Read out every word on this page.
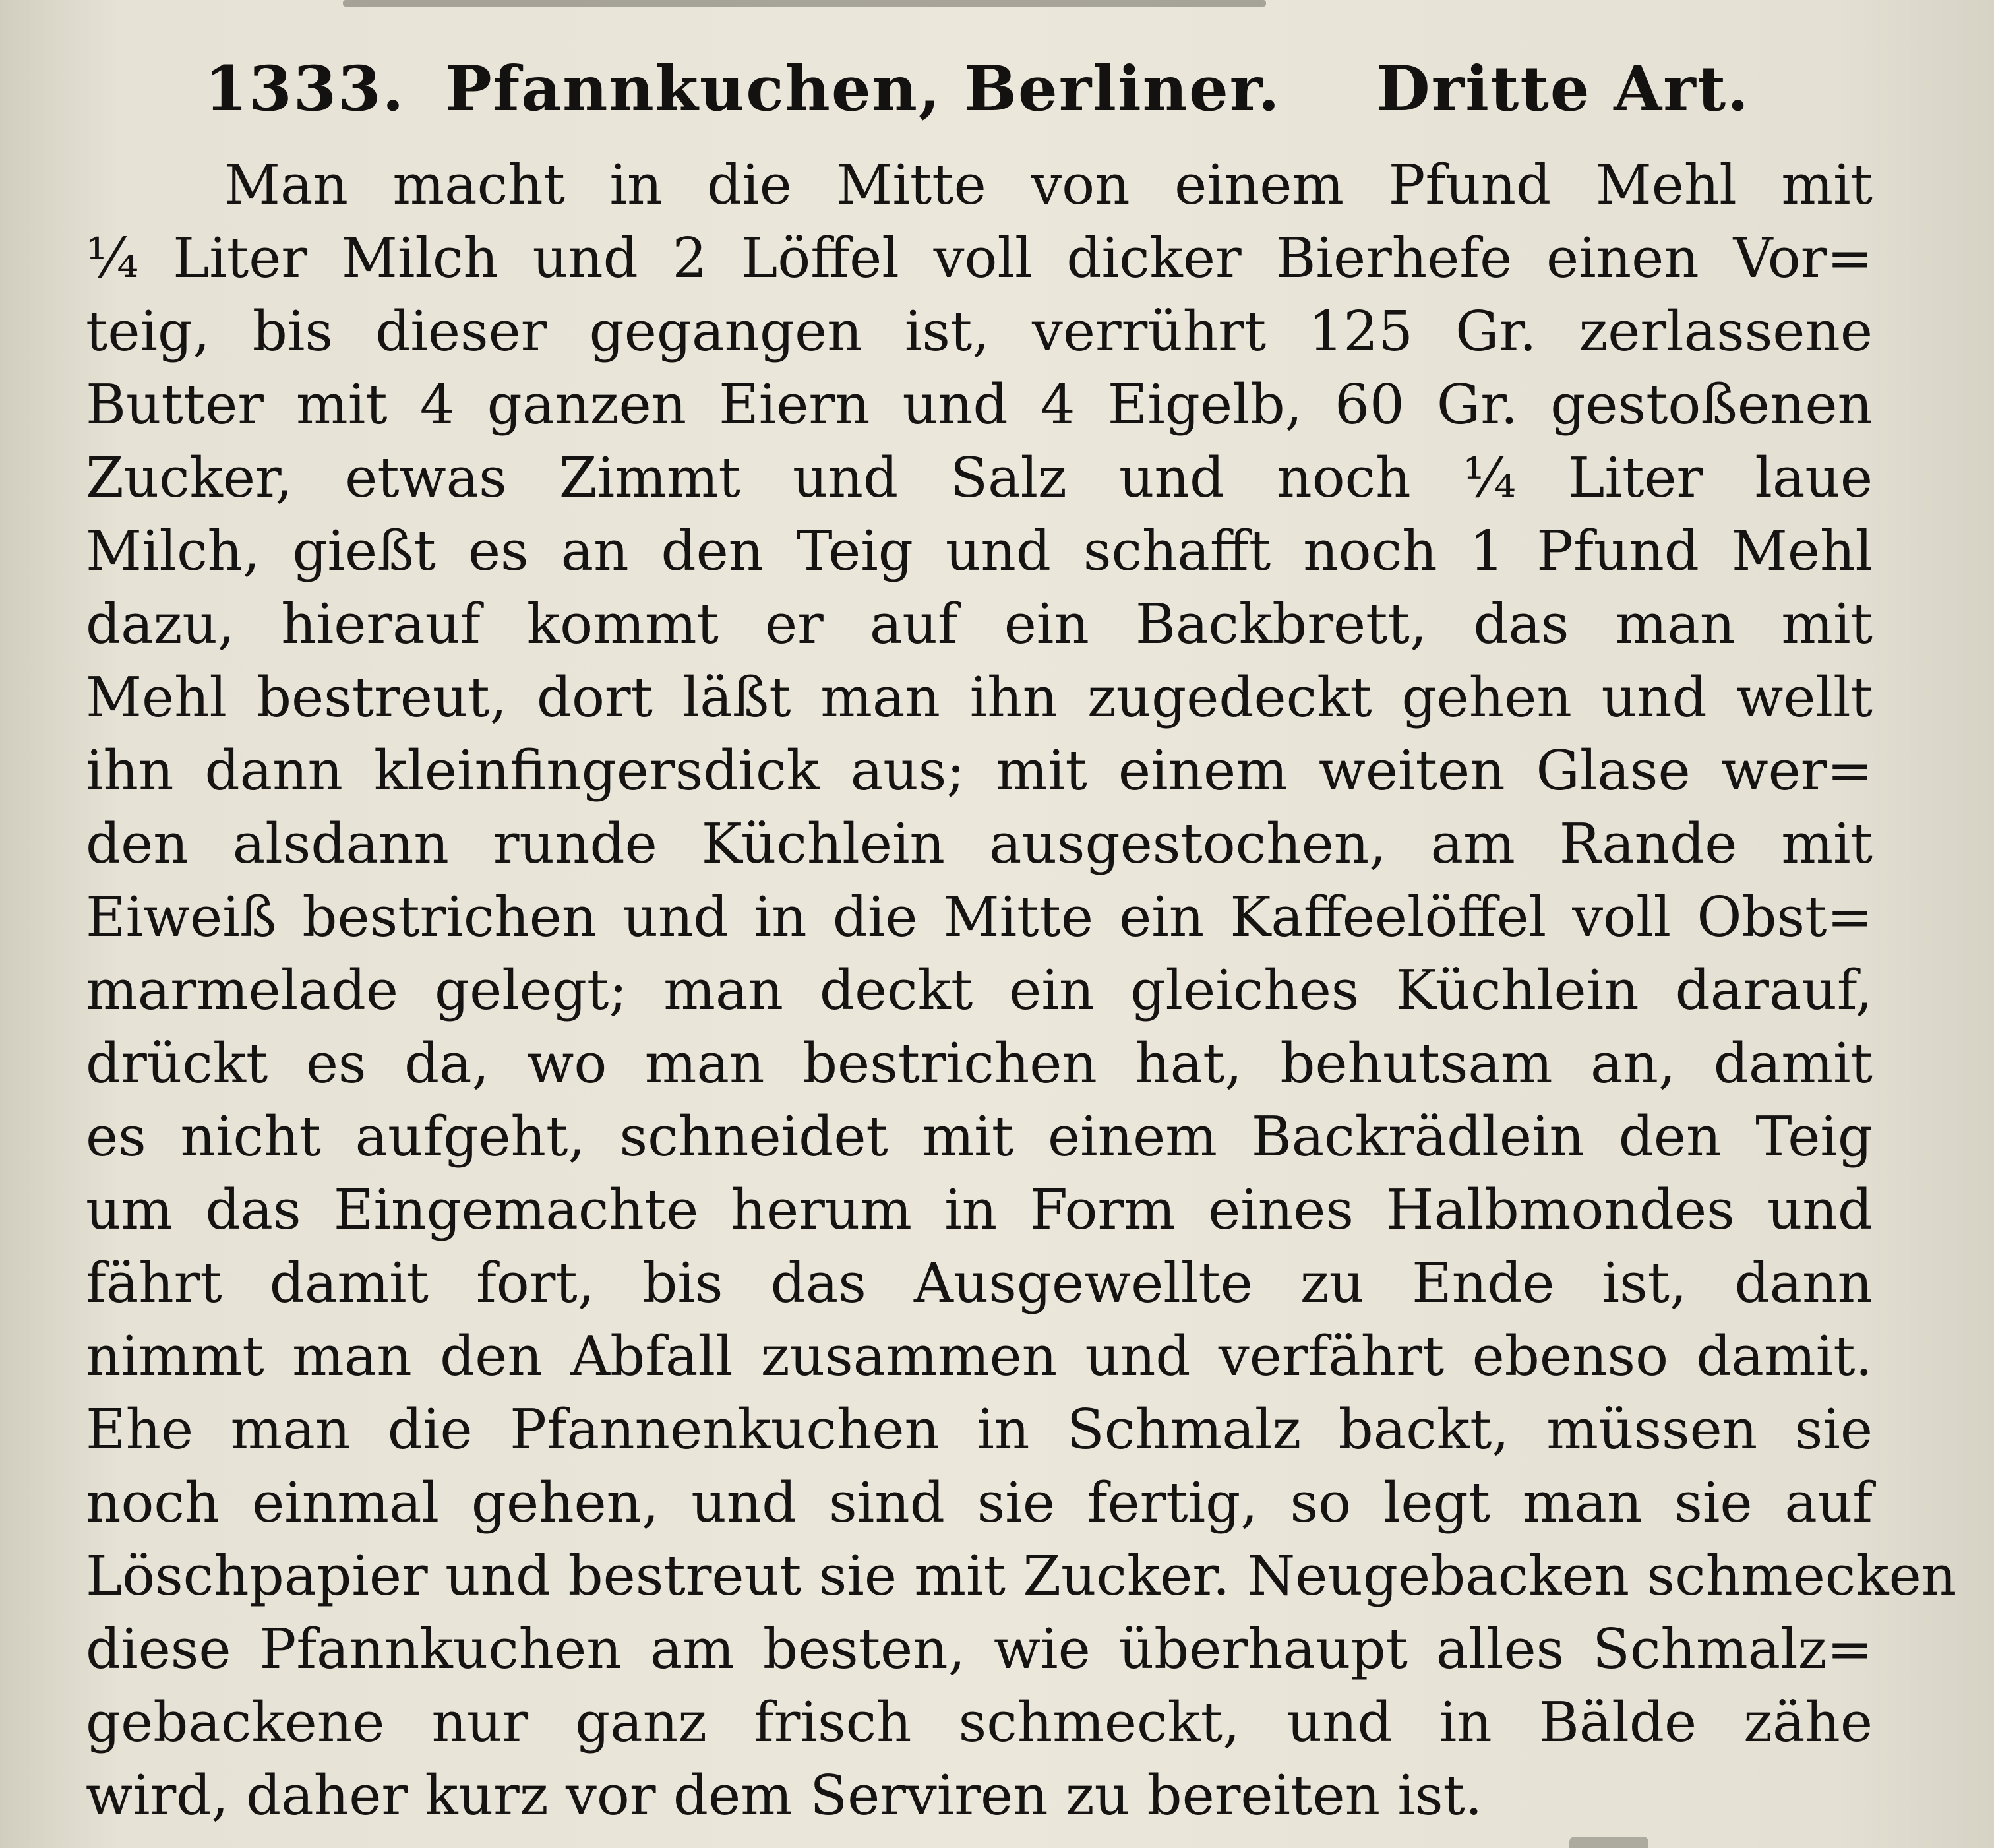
1333. Pfannkuchen, Berliner. Dritte Art.
Man macht in die Mitte von einem Pfund Mehl mit
¼ Liter Milch und 2 Löffel voll dicker Bierhefe einen Vor=
teig, bis dieser gegangen ist, verrührt 125 Gr. zerlassene
Butter mit 4 ganzen Eiern und 4 Eigelb, 60 Gr. gestoßenen
Zucker, etwas Zimmt und Salz und noch ¼ Liter laue
Milch, gießt es an den Teig und schafft noch 1 Pfund Mehl
dazu, hierauf kommt er auf ein Backbrett, das man mit
Mehl bestreut, dort läßt man ihn zugedeckt gehen und wellt
ihn dann kleinfingersdick aus; mit einem weiten Glase wer=
den alsdann runde Küchlein ausgestochen, am Rande mit
Eiweiß bestrichen und in die Mitte ein Kaffeelöffel voll Obst=
marmelade gelegt; man deckt ein gleiches Küchlein darauf,
drückt es da, wo man bestrichen hat, behutsam an, damit
es nicht aufgeht, schneidet mit einem Backrädlein den Teig
um das Eingemachte herum in Form eines Halbmondes und
fährt damit fort, bis das Ausgewellte zu Ende ist, dann
nimmt man den Abfall zusammen und verfährt ebenso damit.
Ehe man die Pfannenkuchen in Schmalz backt, müssen sie
noch einmal gehen, und sind sie fertig, so legt man sie auf
Löschpapier und bestreut sie mit Zucker. Neugebacken schmecken
diese Pfannkuchen am besten, wie überhaupt alles Schmalz=
gebackene nur ganz frisch schmeckt, und in Bälde zähe
wird, daher kurz vor dem Serviren zu bereiten ist.
